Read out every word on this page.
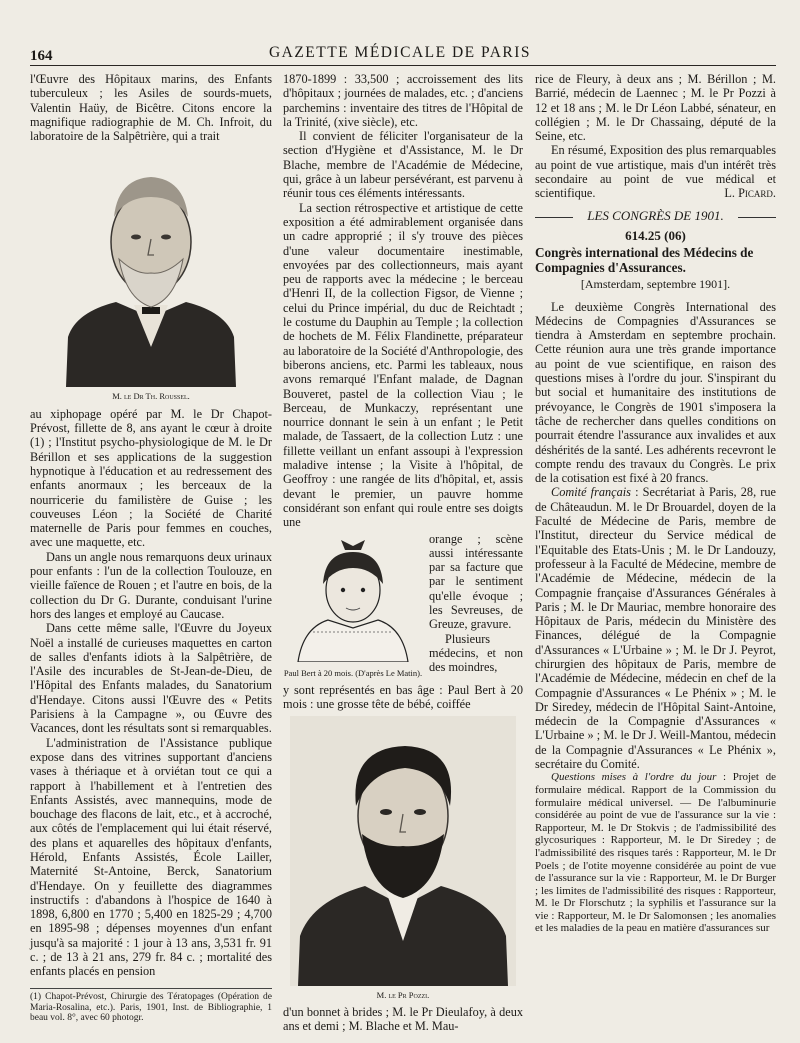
164	GAZETTE MÉDICALE DE PARIS

l'Œuvre des Hôpitaux marins, des Enfants tuberculeux ; les Asiles de sourds-muets, Valentin Haüy, de Bicêtre. Citons encore la magnifique radiographie de M. Ch. Infroit, du laboratoire de la Salpêtrière, qui a trait

M. le Dr Th. Roussel.

au xiphopage opéré par M. le Dr Chapot-Prévost, fillette de 8, ans ayant le cœur à droite (1) ; l'Institut psycho-physiologique de M. le Dr Bérillon et ses applications de la suggestion hypnotique à l'éducation et au redressement des enfants anormaux ; les berceaux de la nourricerie du familistère de Guise ; les couveuses Léon ; la Société de Charité maternelle de Paris pour femmes en couches, avec une maquette, etc.

Dans un angle nous remarquons deux urinaux pour enfants : l'un de la collection Toulouze, en vieille faïence de Rouen ; et l'autre en bois, de la collection du Dr G. Durante, conduisant l'urine hors des langes et employé au Caucase.

Dans cette même salle, l'Œuvre du Joyeux Noël a installé de curieuses maquettes en carton de salles d'enfants idiots à la Salpêtrière, de l'Asile des incurables de St-Jean-de-Dieu, de l'Hôpital des Enfants malades, du Sanatorium d'Hendaye. Citons aussi l'Œuvre des « Petits Parisiens à la Campagne », ou Œuvre des Vacances, dont les résultats sont si remarquables.

L'administration de l'Assistance publique expose dans des vitrines supportant d'anciens vases à thériaque et à orviétan tout ce qui a rapport à l'habillement et à l'entretien des Enfants Assistés, avec mannequins, mode de bouchage des flacons de lait, etc., et à accroché, aux côtés de l'emplacement qui lui était réservé, des plans et aquarelles des hôpitaux d'enfants, Hérold, Enfants Assistés, École Lailler, Maternité St-Antoine, Berck, Sanatorium d'Hendaye. On y feuillette des diagrammes instructifs : d'abandons à l'hospice de 1640 à 1898, 6,800 en 1770 ; 5,400 en 1825-29 ; 4,700 en 1895-98 ; dépenses moyennes d'un enfant jusqu'à sa majorité : 1 jour à 13 ans, 3,531 fr. 91 c. ; de 13 à 21 ans, 279 fr. 84 c. ; mortalité des enfants placés en pension

(1) Chapot-Prévost, Chirurgie des Tératopages (Opération de Maria-Rosalina, etc.). Paris, 1901, Inst. de Bibliographie, 1 beau vol. 8°, avec 60 photogr.

1870-1899 : 33,500 ; accroissement des lits d'hôpitaux ; journées de malades, etc. ; d'anciens parchemins : inventaire des titres de l'Hôpital de la Trinité, (xive siècle), etc.

Il convient de féliciter l'organisateur de la section d'Hygiène et d'Assistance, M. le Dr Blache, membre de l'Académie de Médecine, qui, grâce à un labeur persévérant, est parvenu à réunir tous ces éléments intéressants.

La section rétrospective et artistique de cette exposition a été admirablement organisée dans un cadre approprié ; il s'y trouve des pièces d'une valeur documentaire inestimable, envoyées par des collectionneurs, mais ayant peu de rapports avec la médecine ; le berceau d'Henri II, de la collection Figsor, de Vienne ; celui du Prince impérial, du duc de Reichtadt ; le costume du Dauphin au Temple ; la collection de hochets de M. Félix Flandinette, préparateur au laboratoire de la Société d'Anthropologie, des biberons anciens, etc. Parmi les tableaux, nous avons remarqué l'Enfant malade, de Dagnan Bouveret, pastel de la collection Viau ; le Berceau, de Munkaczy, représentant une nourrice donnant le sein à un enfant ; le Petit malade, de Tassaert, de la collection Lutz : une fillette veillant un enfant assoupi à l'expression maladive intense ; la Visite à l'hôpital, de Geoffroy : une rangée de lits d'hôpital, et, assis devant le premier, un pauvre homme considérant son enfant qui roule entre ses doigts une

Paul Bert à 20 mois. (D'après Le Matin).

orange ; scène aussi intéressante par sa facture que par le sentiment qu'elle évoque ; les Sevreuses, de Greuze, gravure.

Plusieurs médecins, et non des moindres,

y sont représentés en bas âge : Paul Bert à 20 mois : une grosse tête de bébé, coiffée

M. le Pr Pozzi.

d'un bonnet à brides ; M. le Pr Dieulafoy, à deux ans et demi ; M. Blache et M. Mau-

rice de Fleury, à deux ans ; M. Bérillon ; M. Barrié, médecin de Laennec ; M. le Pr Pozzi à 12 et 18 ans ; M. le Dr Léon Labbé, sénateur, en collégien ; M. le Dr Chassaing, député de la Seine, etc.

En résumé, Exposition des plus remarquables au point de vue artistique, mais d'un intérêt très secondaire au point de vue médical et scientifique.	L. Picard.

LES CONGRÈS DE 1901.
614.25 (06)
Congrès international des Médecins de Compagnies d'Assurances.
[Amsterdam, septembre 1901].

Le deuxième Congrès International des Médecins de Compagnies d'Assurances se tiendra à Amsterdam en septembre prochain. Cette réunion aura une très grande importance au point de vue scientifique, en raison des questions mises à l'ordre du jour. S'inspirant du but social et humanitaire des institutions de prévoyance, le Congrès de 1901 s'imposera la tâche de rechercher dans quelles conditions on pourrait étendre l'assurance aux invalides et aux déshérités de la santé. Les adhérents recevront le compte rendu des travaux du Congrès. Le prix de la cotisation est fixé à 20 francs.

Comité français : Secrétariat à Paris, 28, rue de Châteaudun. M. le Dr Brouardel, doyen de la Faculté de Médecine de Paris, membre de l'Institut, directeur du Service médical de l'Equitable des Etats-Unis ; M. le Dr Landouzy, professeur à la Faculté de Médecine, membre de l'Académie de Médecine, médecin de la Compagnie française d'Assurances Générales à Paris ; M. le Dr Mauriac, membre honoraire des Hôpitaux de Paris, médecin du Ministère des Finances, délégué de la Compagnie d'Assurances « L'Urbaine » ; M. le Dr J. Peyrot, chirurgien des hôpitaux de Paris, membre de l'Académie de Médecine, médecin en chef de la Compagnie d'Assurances « Le Phénix » ; M. le Dr Siredey, médecin de l'Hôpital Saint-Antoine, médecin de la Compagnie d'Assurances « L'Urbaine » ; M. le Dr J. Weill-Mantou, médecin de la Compagnie d'Assurances « Le Phénix », secrétaire du Comité.

Questions mises à l'ordre du jour : Projet de formulaire médical. Rapport de la Commission du formulaire médical universel. — De l'albuminurie considérée au point de vue de l'assurance sur la vie : Rapporteur, M. le Dr Stokvis ; de l'admissibilité des glycosuriques : Rapporteur, M. le Dr Siredey ; de l'admissibilité des risques tarés : Rapporteur, M. le Dr Poels ; de l'otite moyenne considérée au point de vue de l'assurance sur la vie : Rapporteur, M. le Dr Burger ; les limites de l'admissibilité des risques : Rapporteur, M. le Dr Florschutz ; la syphilis et l'assurance sur la vie : Rapporteur, M. le Dr Salomonsen ; les anomalies et les maladies de la peau en matière d'assurances sur
